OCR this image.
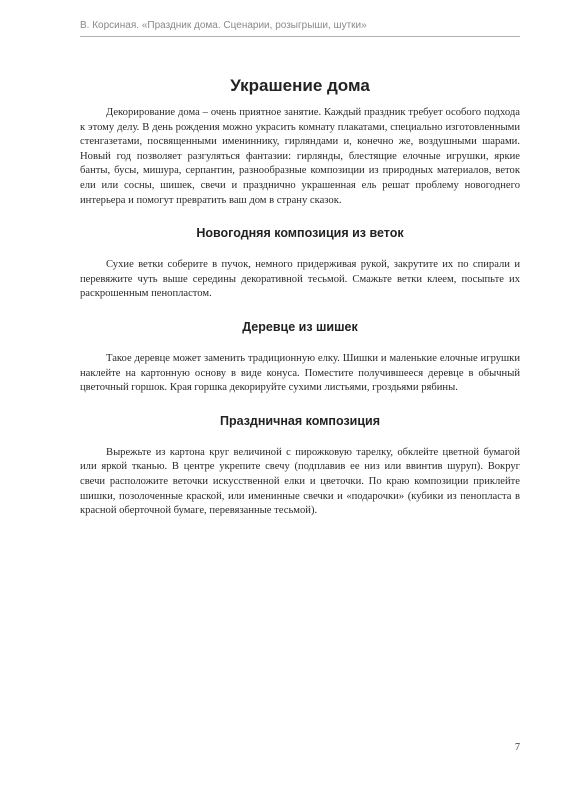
В. Корсиная. «Праздник дома. Сценарии, розыгрыши, шутки»
Украшение дома

Декорирование дома – очень приятное занятие. Каждый праздник требует особого подхода к этому делу. В день рождения можно украсить комнату плакатами, специально изготовленными стенгазетами, посвященными имениннику, гирляндами и, конечно же, воздушными шарами. Новый год позволяет разгуляться фантазии: гирлянды, блестящие елочные игрушки, яркие банты, бусы, мишура, серпантин, разнообразные композиции из природных материалов, веток ели или сосны, шишек, свечи и празднично украшенная ель решат проблему новогоднего интерьера и помогут превратить ваш дом в страну сказок.

Новогодняя композиция из веток

Сухие ветки соберите в пучок, немного придерживая рукой, закрутите их по спирали и перевяжите чуть выше середины декоративной тесьмой. Смажьте ветки клеем, посыпьте их раскрошенным пенопластом.

Деревце из шишек

Такое деревце может заменить традиционную елку. Шишки и маленькие елочные игрушки наклейте на картонную основу в виде конуса. Поместите получившееся деревце в обычный цветочный горшок. Края горшка декорируйте сухими листьями, гроздьями рябины.

Праздничная композиция

Вырежьте из картона круг величиной с пирожковую тарелку, обклейте цветной бумагой или яркой тканью. В центре укрепите свечу (подплавив ее низ или ввинтив шуруп). Вокруг свечи расположите веточки искусственной елки и цветочки. По краю композиции приклейте шишки, позолоченные краской, или именинные свечки и «подарочки» (кубики из пенопласта в красной оберточной бумаге, перевязанные тесьмой).

7
